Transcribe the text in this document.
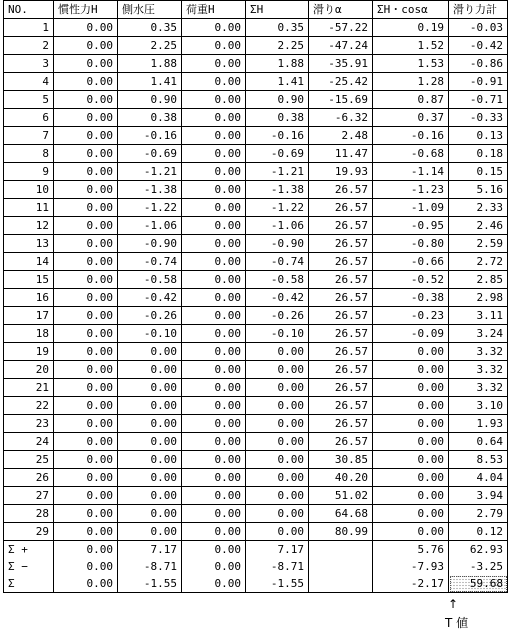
NO.	慣性力H	側水圧	荷重H	ΣH	滑りα	ΣH・cosα	滑り力計
1	0.00	0.35	0.00	0.35	-57.22	0.19	-0.03
2	0.00	2.25	0.00	2.25	-47.24	1.52	-0.42
3	0.00	1.88	0.00	1.88	-35.91	1.53	-0.86
4	0.00	1.41	0.00	1.41	-25.42	1.28	-0.91
5	0.00	0.90	0.00	0.90	-15.69	0.87	-0.71
6	0.00	0.38	0.00	0.38	-6.32	0.37	-0.33
7	0.00	-0.16	0.00	-0.16	2.48	-0.16	0.13
8	0.00	-0.69	0.00	-0.69	11.47	-0.68	0.18
9	0.00	-1.21	0.00	-1.21	19.93	-1.14	0.15
10	0.00	-1.38	0.00	-1.38	26.57	-1.23	5.16
11	0.00	-1.22	0.00	-1.22	26.57	-1.09	2.33
12	0.00	-1.06	0.00	-1.06	26.57	-0.95	2.46
13	0.00	-0.90	0.00	-0.90	26.57	-0.80	2.59
14	0.00	-0.74	0.00	-0.74	26.57	-0.66	2.72
15	0.00	-0.58	0.00	-0.58	26.57	-0.52	2.85
16	0.00	-0.42	0.00	-0.42	26.57	-0.38	2.98
17	0.00	-0.26	0.00	-0.26	26.57	-0.23	3.11
18	0.00	-0.10	0.00	-0.10	26.57	-0.09	3.24
19	0.00	0.00	0.00	0.00	26.57	0.00	3.32
20	0.00	0.00	0.00	0.00	26.57	0.00	3.32
21	0.00	0.00	0.00	0.00	26.57	0.00	3.32
22	0.00	0.00	0.00	0.00	26.57	0.00	3.10
23	0.00	0.00	0.00	0.00	26.57	0.00	1.93
24	0.00	0.00	0.00	0.00	26.57	0.00	0.64
25	0.00	0.00	0.00	0.00	30.85	0.00	8.53
26	0.00	0.00	0.00	0.00	40.20	0.00	4.04
27	0.00	0.00	0.00	0.00	51.02	0.00	3.94
28	0.00	0.00	0.00	0.00	64.68	0.00	2.79
29	0.00	0.00	0.00	0.00	80.99	0.00	0.12
Σ +	0.00	7.17	0.00	7.17		5.76	62.93
Σ −	0.00	-8.71	0.00	-8.71		-7.93	-3.25
Σ	0.00	-1.55	0.00	-1.55		-2.17	59.68
↑
T 値
